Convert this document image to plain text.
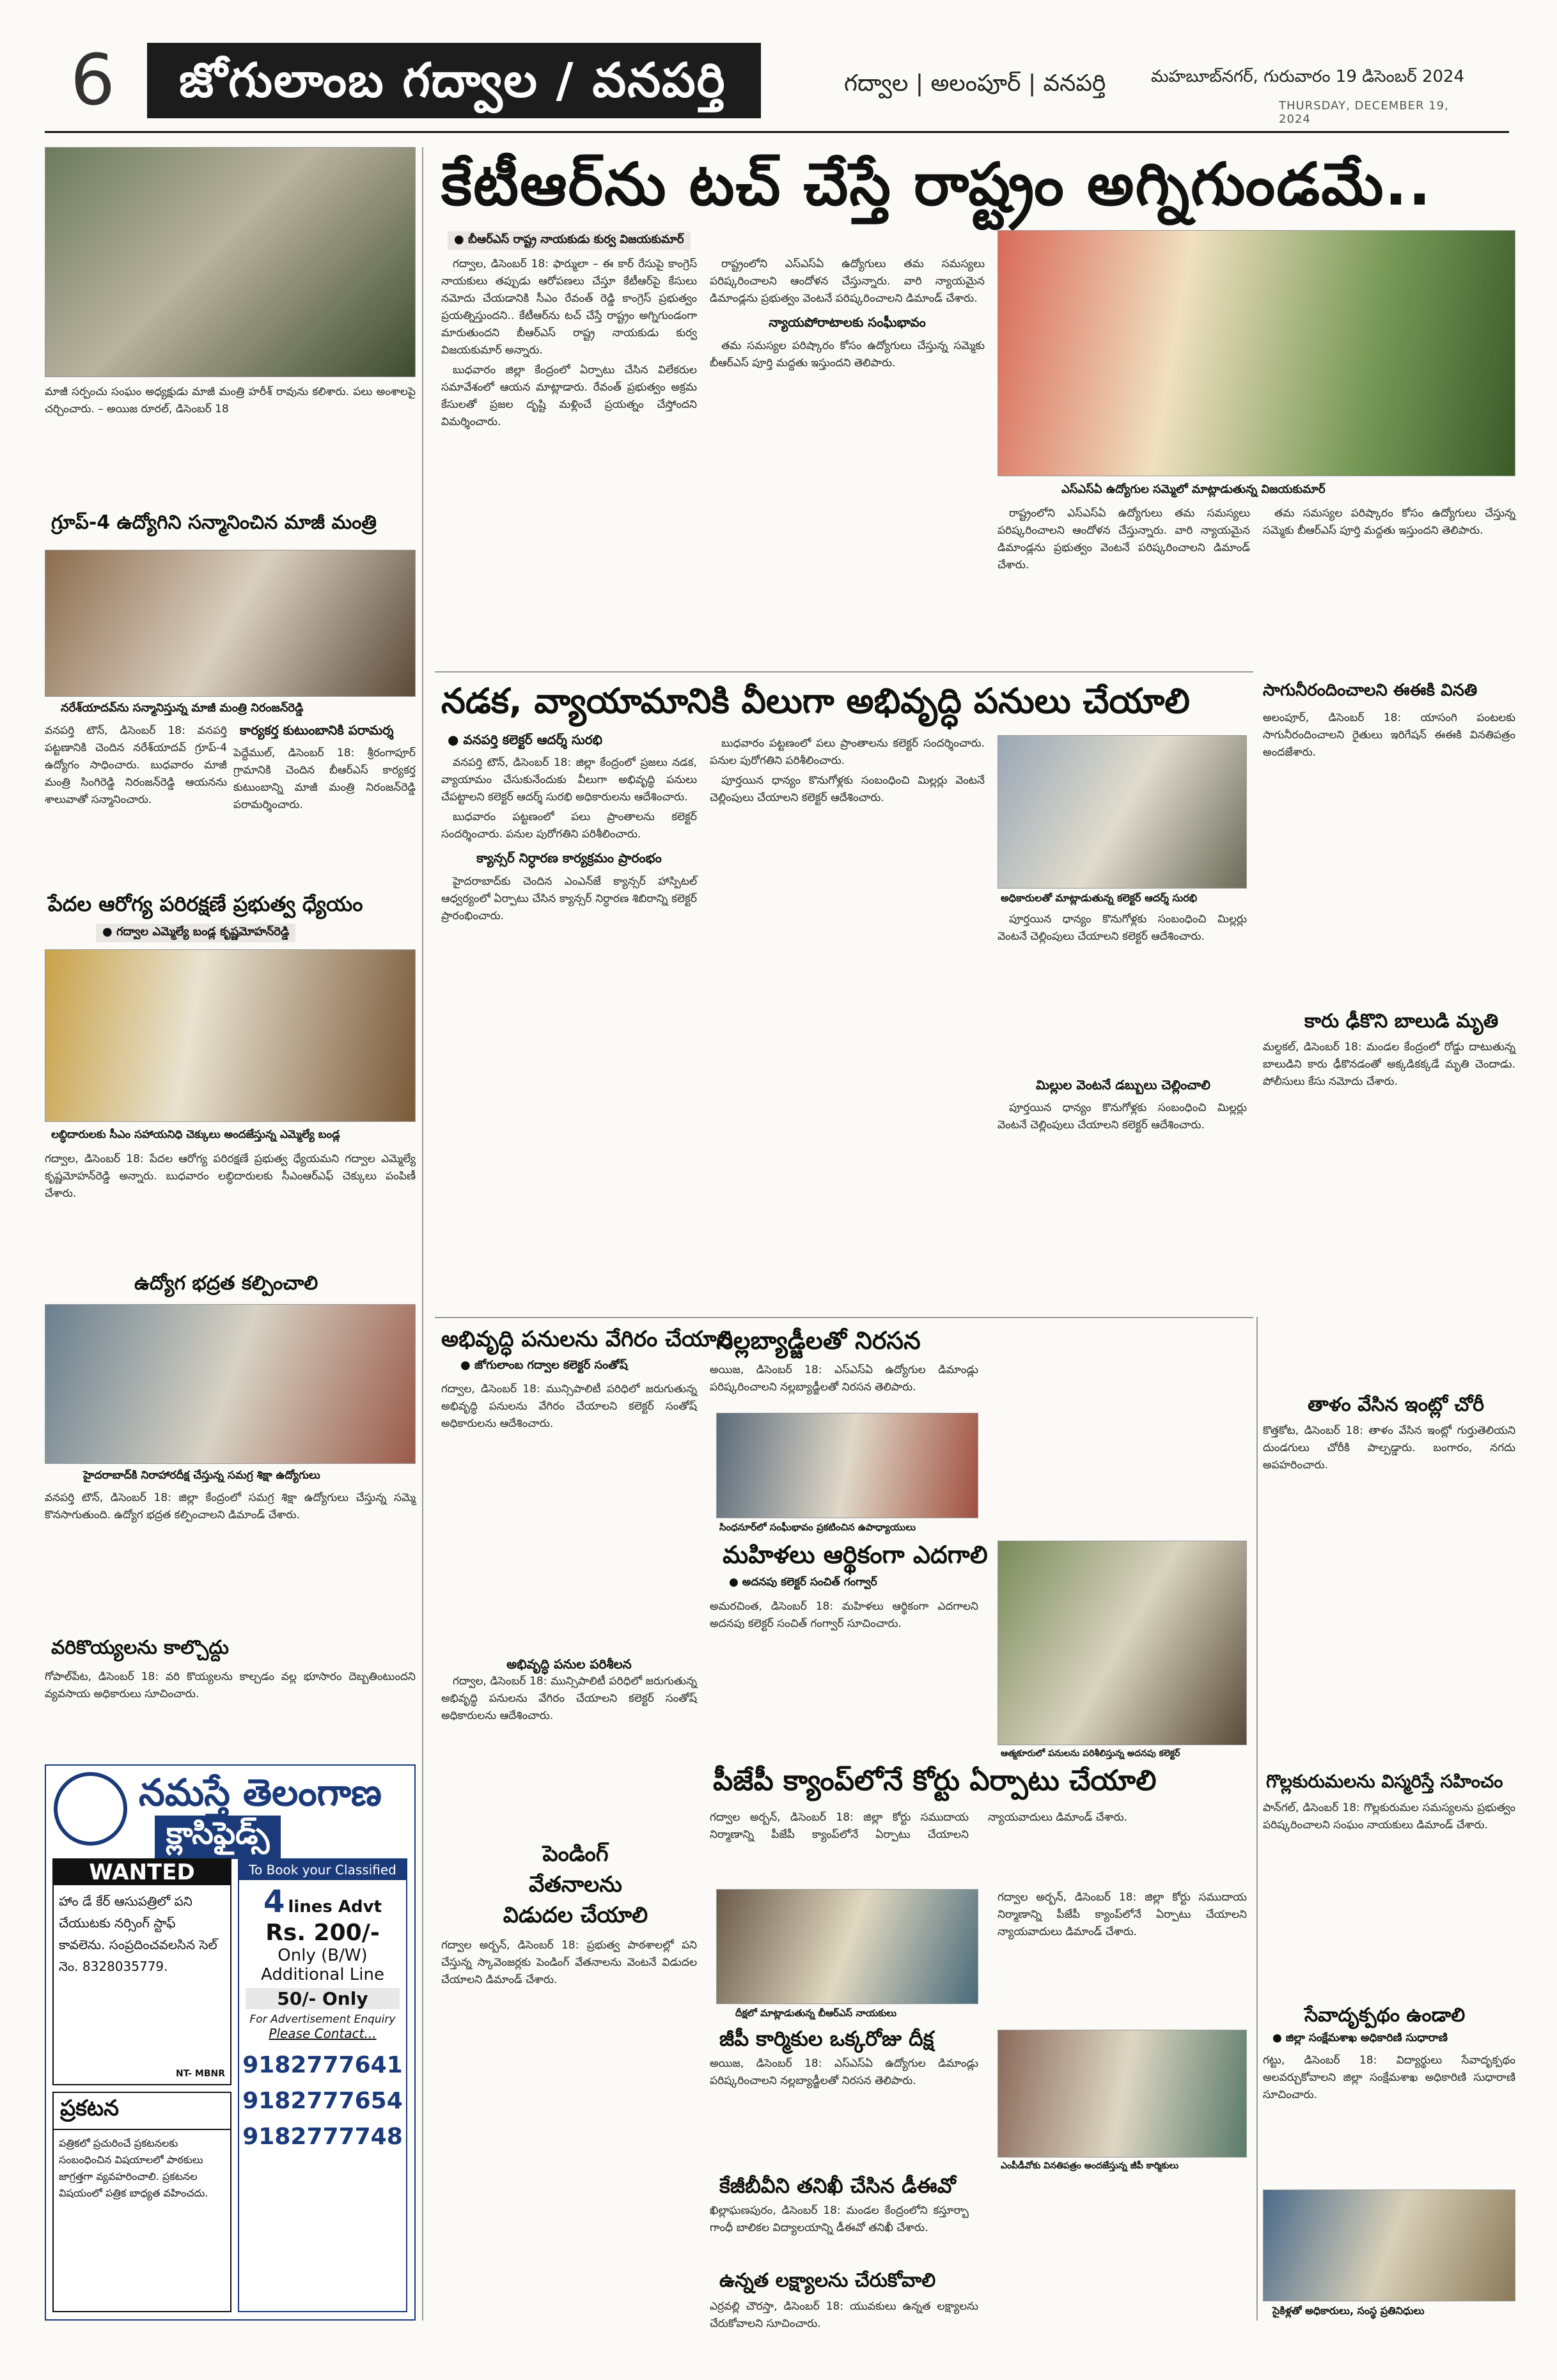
6	జోగులాంబ గద్వాల / వనపర్తి	గద్వాల | అలంపూర్ | వనపర్తి	మహబూబ్‌నగర్, గురువారం 19 డిసెంబర్ 2024
THURSDAY, DECEMBER 19, 2024
మాజీ సర్పంచు సంఘం అధ్యక్షుడు మాజీ మంత్రి హరీశ్ రావును కలిశారు. పలు అంశాలపై చర్చించారు. – అయిజ రూరల్, డిసెంబర్ 18
గ్రూప్-4 ఉద్యోగిని సన్మానించిన మాజీ మంత్రి
నరేశ్‌యాదవ్‌ను సన్మానిస్తున్న మాజీ మంత్రి నిరంజన్‌రెడ్డి
వనపర్తి టౌన్, డిసెంబర్ 18: వనపర్తి పట్టణానికి చెందిన నరేశ్‌యాదవ్ గ్రూప్-4 ఉద్యోగం సాధించారు. బుధవారం మాజీ మంత్రి సింగిరెడ్డి నిరంజన్‌రెడ్డి ఆయనను శాలువాతో సన్మానించారు.
కార్యకర్త కుటుంబానికి పరామర్శ
పెద్దేముల్, డిసెంబర్ 18: శ్రీరంగాపూర్ గ్రామానికి చెందిన బీఆర్ఎస్ కార్యకర్త కుటుంబాన్ని మాజీ మంత్రి నిరంజన్‌రెడ్డి పరామర్శించారు.
పేదల ఆరోగ్య పరిరక్షణే ప్రభుత్వ ధ్యేయం
● గద్వాల ఎమ్మెల్యే బండ్ల కృష్ణమోహన్‌రెడ్డి
లబ్ధిదారులకు సీఎం సహాయనిధి చెక్కులు అందజేస్తున్న ఎమ్మెల్యే బండ్ల
గద్వాల, డిసెంబర్ 18: పేదల ఆరోగ్య పరిరక్షణే ప్రభుత్వ ధ్యేయమని గద్వాల ఎమ్మెల్యే కృష్ణమోహన్‌రెడ్డి అన్నారు. బుధవారం లబ్ధిదారులకు సీఎంఆర్ఎఫ్ చెక్కులు పంపిణీ చేశారు.
ఉద్యోగ భద్రత కల్పించాలి
హైదరాబాద్‌కి నిరాహారదీక్ష చేస్తున్న సమగ్ర శిక్షా ఉద్యోగులు
వనపర్తి టౌన్, డిసెంబర్ 18: జిల్లా కేంద్రంలో సమగ్ర శిక్షా ఉద్యోగులు చేస్తున్న సమ్మె కొనసాగుతుంది. ఉద్యోగ భద్రత కల్పించాలని డిమాండ్ చేశారు.
వరికొయ్యలను కాల్చొద్దు
గోపాల్‌పేట, డిసెంబర్ 18: వరి కొయ్యలను కాల్చడం వల్ల భూసారం దెబ్బతింటుందని వ్యవసాయ అధికారులు సూచించారు.
నమస్తే తెలంగాణ
క్లాసిఫైడ్స్
WANTED
హాం డే కేర్ ఆసుపత్రిలో పని చేయుటకు నర్సింగ్ స్టాఫ్ కావలెను. సంప్రదించవలసిన సెల్ నెం. 8328035779.
NT- MBNR
To Book your Classified
4 lines Advt
Rs. 200/-
Only (B/W)
Additional Line
50/- Only
For Advertisement Enquiry
Please Contact...
9182777641
9182777654
9182777748
ప్రకటన
పత్రికలో ప్రచురించే ప్రకటనలకు సంబంధించిన విషయాలలో పాఠకులు జాగ్రత్తగా వ్యవహరించాలి. ప్రకటనల విషయంలో పత్రిక బాధ్యత వహించదు.
కేటీఆర్‌ను టచ్ చేస్తే రాష్ట్రం అగ్నిగుండమే..
● బీఆర్ఎస్ రాష్ట్ర నాయకుడు కుర్వ విజయకుమార్

గద్వాల, డిసెంబర్ 18: ఫార్ములా – ఈ కార్ రేసుపై కాంగ్రెస్ నాయకులు తప్పుడు ఆరోపణలు చేస్తూ కేటీఆర్‌పై కేసులు నమోదు చేయడానికి సీఎం రేవంత్ రెడ్డి కాంగ్రెస్ ప్రభుత్వం ప్రయత్నిస్తుందని.. కేటీఆర్‌ను టచ్ చేస్తే రాష్ట్రం అగ్నిగుండంగా మారుతుందని బీఆర్ఎస్ రాష్ట్ర నాయకుడు కుర్వ విజయకుమార్ అన్నారు.

బుధవారం జిల్లా కేంద్రంలో ఏర్పాటు చేసిన విలేకరుల సమావేశంలో ఆయన మాట్లాడారు. రేవంత్ ప్రభుత్వం అక్రమ కేసులతో ప్రజల దృష్టి మళ్లించే ప్రయత్నం చేస్తోందని విమర్శించారు.

రాష్ట్రంలోని ఎస్ఎస్ఏ ఉద్యోగులు తమ సమస్యలు పరిష్కరించాలని ఆందోళన చేస్తున్నారు. వారి న్యాయమైన డిమాండ్లను ప్రభుత్వం వెంటనే పరిష్కరించాలని డిమాండ్ చేశారు.

న్యాయపోరాటాలకు సంఘీభావం

తమ సమస్యల పరిష్కారం కోసం ఉద్యోగులు చేస్తున్న సమ్మెకు బీఆర్ఎస్ పూర్తి మద్దతు ఇస్తుందని తెలిపారు.

ఎస్ఎస్ఏ ఉద్యోగుల సమ్మెలో మాట్లాడుతున్న విజయకుమార్

రాష్ట్రంలోని ఎస్ఎస్ఏ ఉద్యోగులు తమ సమస్యలు పరిష్కరించాలని ఆందోళన చేస్తున్నారు. వారి న్యాయమైన డిమాండ్లను ప్రభుత్వం వెంటనే పరిష్కరించాలని డిమాండ్ చేశారు.

తమ సమస్యల పరిష్కారం కోసం ఉద్యోగులు చేస్తున్న సమ్మెకు బీఆర్ఎస్ పూర్తి మద్దతు ఇస్తుందని తెలిపారు.

నడక, వ్యాయామానికి వీలుగా అభివృద్ధి పనులు చేయాలి
● వనపర్తి కలెక్టర్ ఆదర్శ్ సురభి

వనపర్తి టౌన్, డిసెంబర్ 18: జిల్లా కేంద్రంలో ప్రజలు నడక, వ్యాయామం చేసుకునేందుకు వీలుగా అభివృద్ధి పనులు చేపట్టాలని కలెక్టర్ ఆదర్శ్ సురభి అధికారులను ఆదేశించారు.

బుధవారం పట్టణంలో పలు ప్రాంతాలను కలెక్టర్ సందర్శించారు. పనుల పురోగతిని పరిశీలించారు.

క్యాన్సర్ నిర్ధారణ కార్యక్రమం ప్రారంభం

హైదరాబాద్‌కు చెందిన ఎంఎన్‌జే క్యాన్సర్ హాస్పిటల్ ఆధ్వర్యంలో ఏర్పాటు చేసిన క్యాన్సర్ నిర్ధారణ శిబిరాన్ని కలెక్టర్ ప్రారంభించారు.

బుధవారం పట్టణంలో పలు ప్రాంతాలను కలెక్టర్ సందర్శించారు. పనుల పురోగతిని పరిశీలించారు.

పూర్తయిన ధాన్యం కొనుగోళ్లకు సంబంధించి మిల్లర్లు వెంటనే చెల్లింపులు చేయాలని కలెక్టర్ ఆదేశించారు.

అధికారులతో మాట్లాడుతున్న కలెక్టర్ ఆదర్శ్ సురభి

పూర్తయిన ధాన్యం కొనుగోళ్లకు సంబంధించి మిల్లర్లు వెంటనే చెల్లింపులు చేయాలని కలెక్టర్ ఆదేశించారు.

మిల్లుల వెంటనే డబ్బులు చెల్లించాలి

పూర్తయిన ధాన్యం కొనుగోళ్లకు సంబంధించి మిల్లర్లు వెంటనే చెల్లింపులు చేయాలని కలెక్టర్ ఆదేశించారు.

సాగునీరందించాలని ఈఈకి వినతి
అలంపూర్, డిసెంబర్ 18: యాసంగి పంటలకు సాగునీరందించాలని రైతులు ఇరిగేషన్ ఈఈకి వినతిపత్రం అందజేశారు.
కారు ఢీకొని బాలుడి మృతి
మల్దకల్, డిసెంబర్ 18: మండల కేంద్రంలో రోడ్డు దాటుతున్న బాలుడిని కారు ఢీకొనడంతో అక్కడికక్కడే మృతి చెందాడు. పోలీసులు కేసు నమోదు చేశారు.
తాళం వేసిన ఇంట్లో చోరీ
కొత్తకోట, డిసెంబర్ 18: తాళం వేసిన ఇంట్లో గుర్తుతెలియని దుండగులు చోరీకి పాల్పడ్డారు. బంగారం, నగదు అపహరించారు.
గొల్లకురుమలను విస్మరిస్తే సహించం
పాన్‌గల్, డిసెంబర్ 18: గొల్లకురుమల సమస్యలను ప్రభుత్వం పరిష్కరించాలని సంఘం నాయకులు డిమాండ్ చేశారు.
సేవాదృక్పథం ఉండాలి
● జిల్లా సంక్షేమశాఖ అధికారిణి సుధారాణి
గట్టు, డిసెంబర్ 18: విద్యార్థులు సేవాదృక్పథం అలవర్చుకోవాలని జిల్లా సంక్షేమశాఖ అధికారిణి సుధారాణి సూచించారు.
సైకిళ్లతో అధికారులు, సంస్థ ప్రతినిధులు
అభివృద్ధి పనులను వేగిరం చేయాలి
● జోగులాంబ గద్వాల కలెక్టర్ సంతోష్
గద్వాల, డిసెంబర్ 18: మున్సిపాలిటీ పరిధిలో జరుగుతున్న అభివృద్ధి పనులను వేగిరం చేయాలని కలెక్టర్ సంతోష్ అధికారులను ఆదేశించారు.
అభివృద్ధి పనుల పరిశీలన

గద్వాల, డిసెంబర్ 18: మున్సిపాలిటీ పరిధిలో జరుగుతున్న అభివృద్ధి పనులను వేగిరం చేయాలని కలెక్టర్ సంతోష్ అధికారులను ఆదేశించారు.

పెండింగ్ వేతనాలను విడుదల చేయాలి
గద్వాల అర్బన్, డిసెంబర్ 18: ప్రభుత్వ పాఠశాలల్లో పని చేస్తున్న స్కావెంజర్లకు పెండింగ్ వేతనాలను వెంటనే విడుదల చేయాలని డిమాండ్ చేశారు.
నల్లబ్యాడ్జీలతో నిరసన
అయిజ, డిసెంబర్ 18: ఎస్ఎస్ఏ ఉద్యోగుల డిమాండ్లు పరిష్కరించాలని నల్లబ్యాడ్జీలతో నిరసన తెలిపారు.
సింధనూర్‌లో సంఘీభావం ప్రకటించిన ఉపాధ్యాయులు
మహిళలు ఆర్థికంగా ఎదగాలి
● అదనపు కలెక్టర్ సంచిత్ గంగ్వార్
అమరచింత, డిసెంబర్ 18: మహిళలు ఆర్థికంగా ఎదగాలని అదనపు కలెక్టర్ సంచిత్ గంగ్వార్ సూచించారు.
ఆత్మకూరులో పనులను పరిశీలిస్తున్న అదనపు కలెక్టర్
పీజేపీ క్యాంప్‌లోనే కోర్టు ఏర్పాటు చేయాలి
గద్వాల అర్బన్, డిసెంబర్ 18: జిల్లా కోర్టు సముదాయ నిర్మాణాన్ని పీజేపీ క్యాంప్‌లోనే ఏర్పాటు చేయాలని న్యాయవాదులు డిమాండ్ చేశారు.
దీక్షలో మాట్లాడుతున్న బీఆర్ఎస్ నాయకులు
గద్వాల అర్బన్, డిసెంబర్ 18: జిల్లా కోర్టు సముదాయ నిర్మాణాన్ని పీజేపీ క్యాంప్‌లోనే ఏర్పాటు చేయాలని న్యాయవాదులు డిమాండ్ చేశారు.
జీపీ కార్మికుల ఒక్కరోజు దీక్ష
అయిజ, డిసెంబర్ 18: ఎస్ఎస్ఏ ఉద్యోగుల డిమాండ్లు పరిష్కరించాలని నల్లబ్యాడ్జీలతో నిరసన తెలిపారు.
ఎంపీడీవోకు వినతిపత్రం అందజేస్తున్న జీపీ కార్మికులు
కేజీబీవీని తనిఖీ చేసిన డీఈవో
ఖిల్లాఘణపురం, డిసెంబర్ 18: మండల కేంద్రంలోని కస్తూర్బా గాంధీ బాలికల విద్యాలయాన్ని డీఈవో తనిఖీ చేశారు.
ఉన్నత లక్ష్యాలను చేరుకోవాలి
ఎర్రవల్లి చౌరస్తా, డిసెంబర్ 18: యువకులు ఉన్నత లక్ష్యాలను చేరుకోవాలని సూచించారు.
